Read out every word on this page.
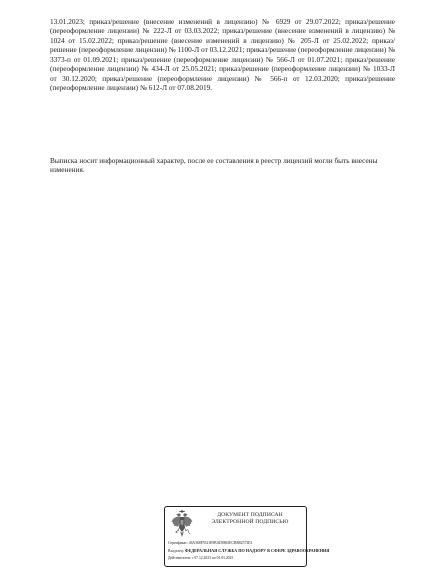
13.01.2023; приказ/решение (внесение изменений в лицензию) № 6929 от 29.07.2022; приказ/решение (переоформление лицензии) № 222-Л от 03.03.2022; приказ/решение (внесение изменений в лицензию) № 1024 от 15.02.2022; приказ/решение (внесение изменений в лицензию) № 205-Л от 25.02.2022; приказ/решение (переоформление лицензии) № 1100-Л от 03.12.2021; приказ/решение (переоформление лицензии) № 3373-п от 01.09.2021; приказ/решение (переоформление лицензии) № 566-Л от 01.07.2021; приказ/решение (переоформление лицензии) № 434-Л от 25.05.2021; приказ/решение (переоформление лицензии) № 1033-Л от 30.12.2020; приказ/решение (переоформление лицензии) № 566-п от 12.03.2020; приказ/решение (переоформление лицензии) № 612-Л от 07.08.2019.

Выписка носит информационный характер, после ее составления в реестр лицензий могли быть внесены изменения.

ДОКУМЕНТ ПОДПИСАН
ЭЛЕКТРОННОЙ ПОДПИСЬЮ
Сертификат: 46A368F5521E9BAD0861ECBB82573E3
Владелец: ФЕДЕРАЛЬНАЯ СЛУЖБА ПО НАДЗОРУ В СФЕРЕ ЗДРАВООХРАНЕНИЯ
Действителен: с 07.12.2023 по 01.03.2025
